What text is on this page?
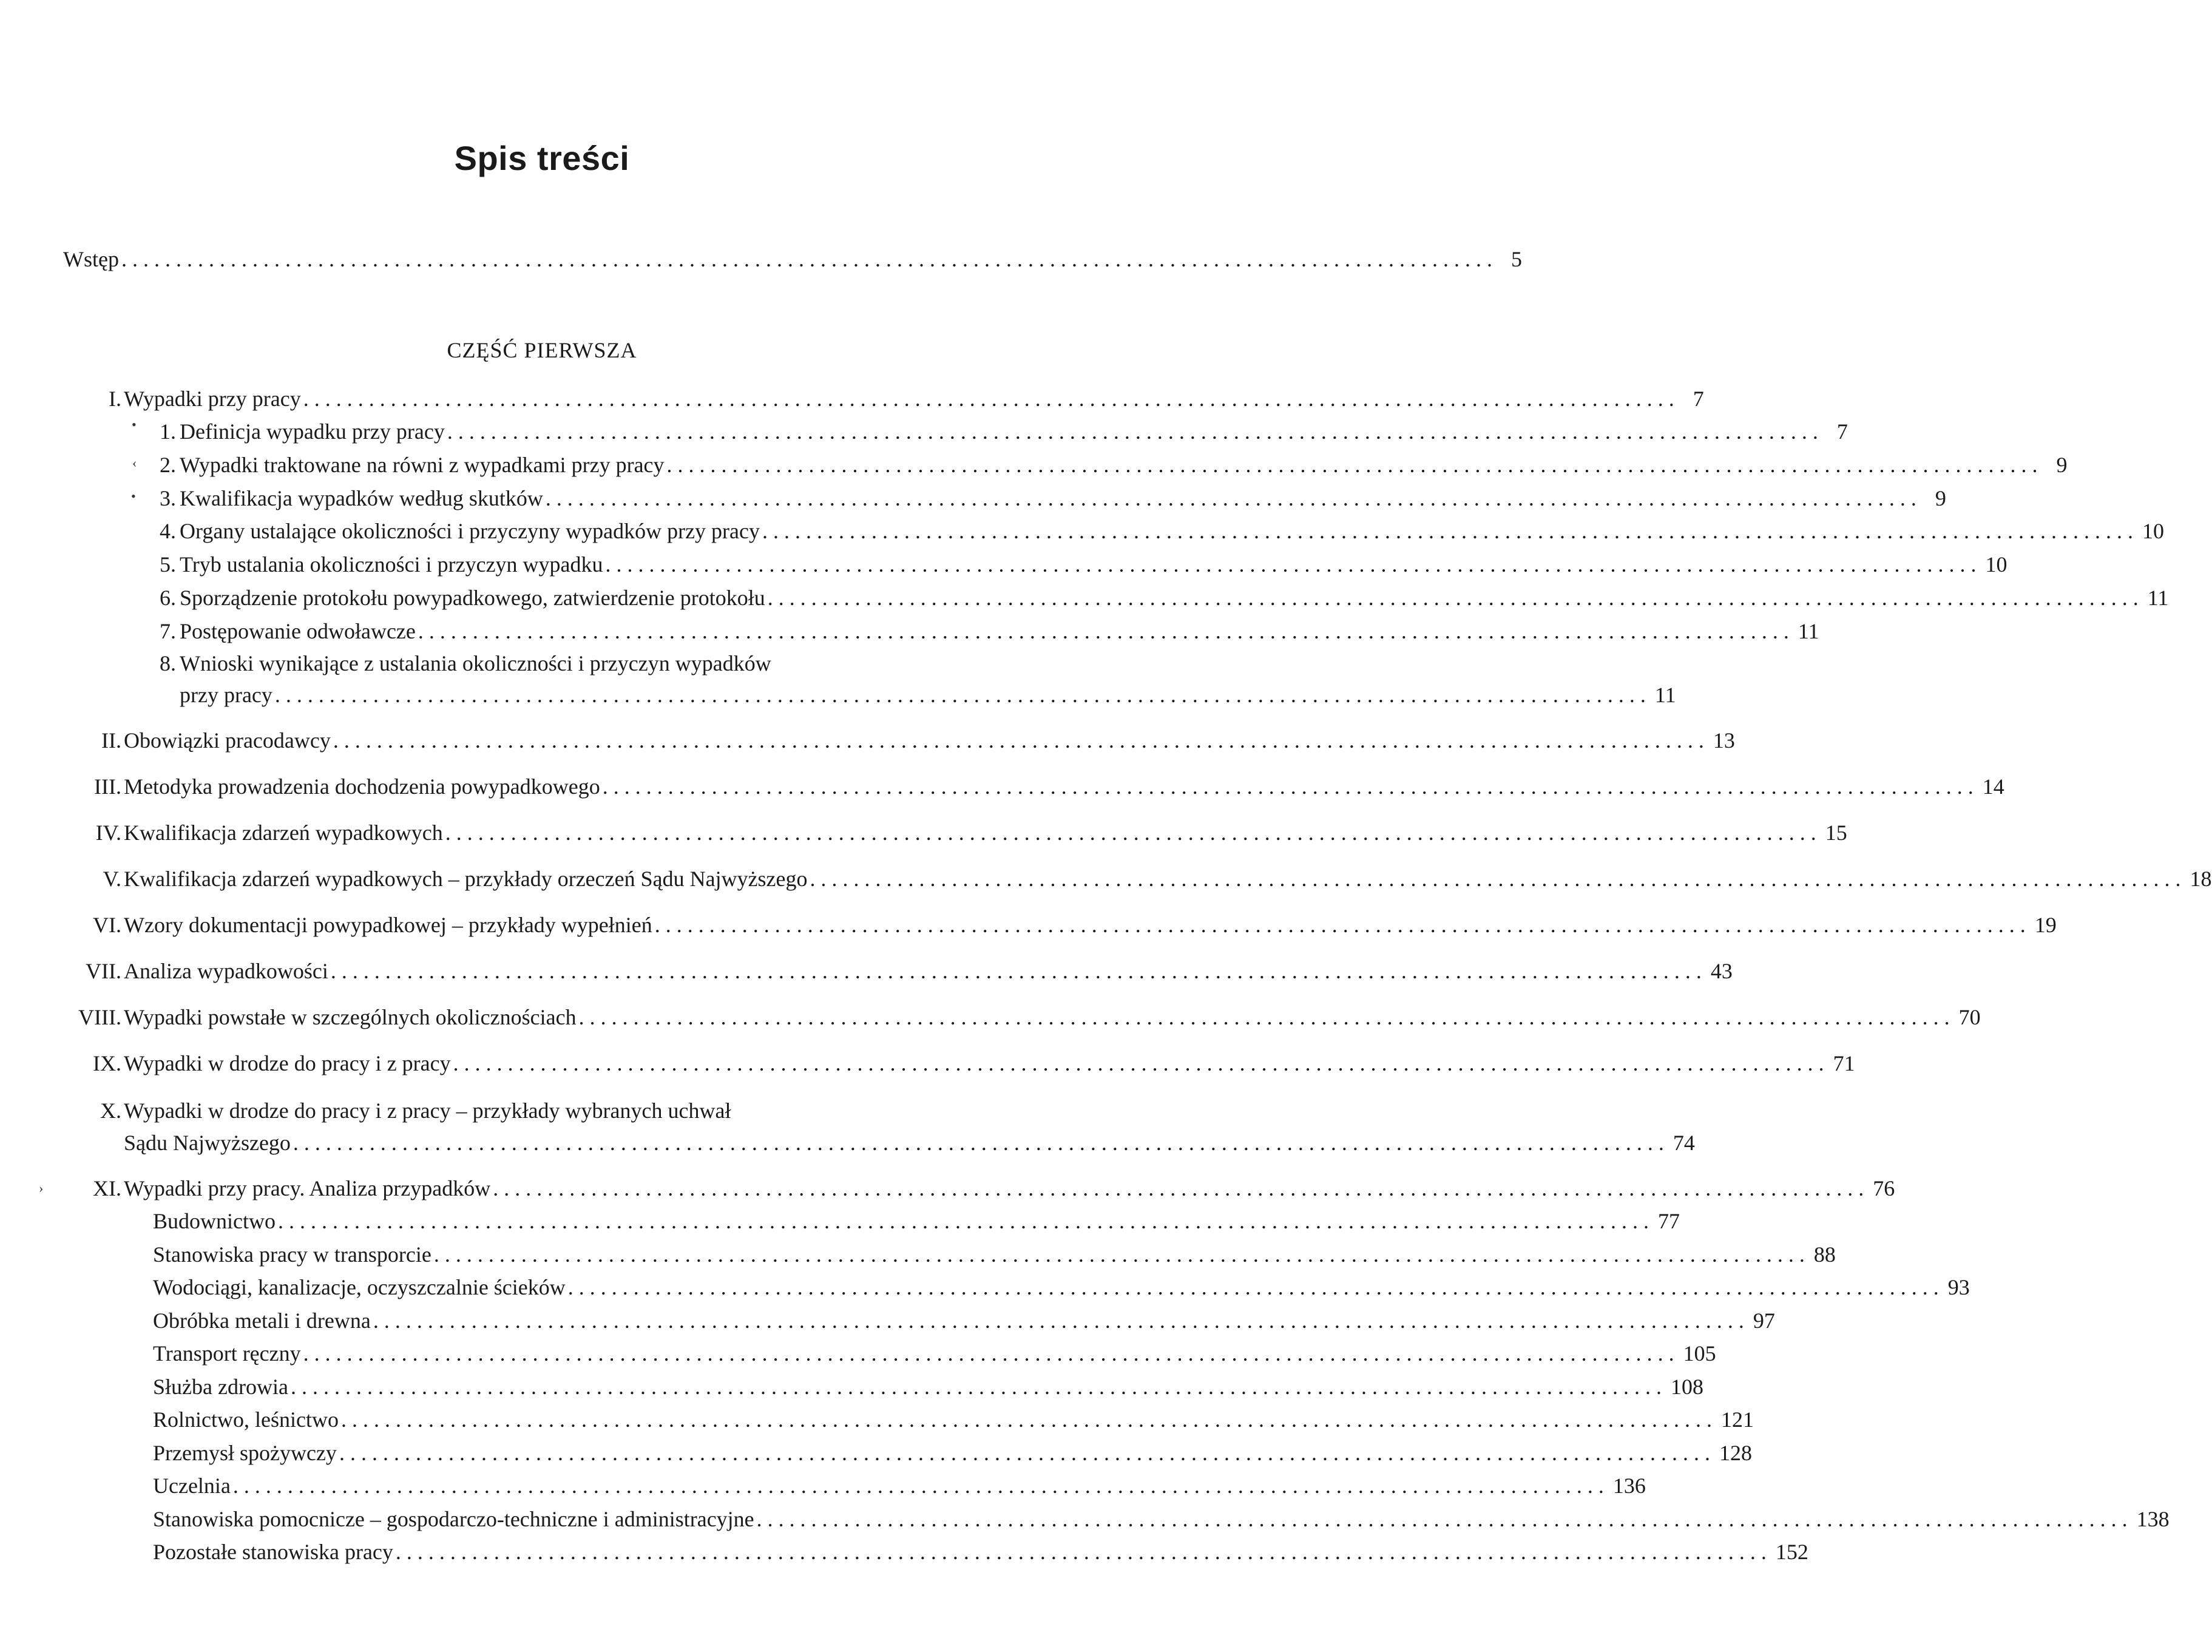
Spis treści
Wstęp .............................................................................................................................. 5
CZĘŚĆ PIERWSZA
I. Wypadki przy pracy .............................................................................................................................. 7
•	1. Definicja wypadku przy pracy .............................................................................................................................. 7
‹	2. Wypadki traktowane na równi z wypadkami przy pracy .............................................................................................................................. 9
•	3. Kwalifikacja wypadków według skutków .............................................................................................................................. 9
4. Organy ustalające okoliczności i przyczyny wypadków przy pracy .............................................................................................................................. 10
5. Tryb ustalania okoliczności i przyczyn wypadku .............................................................................................................................. 10
6. Sporządzenie protokołu powypadkowego, zatwierdzenie protokołu .............................................................................................................................. 11
7. Postępowanie odwoławcze .............................................................................................................................. 11
8. Wnioski wynikające z ustalania okoliczności i przyczyn wypadków
przy pracy .............................................................................................................................. 11
II. Obowiązki pracodawcy .............................................................................................................................. 13
III. Metodyka prowadzenia dochodzenia powypadkowego .............................................................................................................................. 14
IV. Kwalifikacja zdarzeń wypadkowych .............................................................................................................................. 15
V. Kwalifikacja zdarzeń wypadkowych – przykłady orzeczeń Sądu Najwyższego .............................................................................................................................. 18
VI. Wzory dokumentacji powypadkowej – przykłady wypełnień .............................................................................................................................. 19
VII. Analiza wypadkowości .............................................................................................................................. 43
VIII. Wypadki powstałe w szczególnych okolicznościach .............................................................................................................................. 70
IX. Wypadki w drodze do pracy i z pracy .............................................................................................................................. 71
X. Wypadki w drodze do pracy i z pracy – przykłady wybranych uchwał
Sądu Najwyższego .............................................................................................................................. 74
›	XI. Wypadki przy pracy. Analiza przypadków .............................................................................................................................. 76
Budownictwo .............................................................................................................................. 77
Stanowiska pracy w transporcie .............................................................................................................................. 88
Wodociągi, kanalizacje, oczyszczalnie ścieków .............................................................................................................................. 93
Obróbka metali i drewna .............................................................................................................................. 97
Transport ręczny .............................................................................................................................. 105
Służba zdrowia .............................................................................................................................. 108
Rolnictwo, leśnictwo .............................................................................................................................. 121
Przemysł spożywczy .............................................................................................................................. 128
Uczelnia .............................................................................................................................. 136
Stanowiska pomocnicze – gospodarczo-techniczne i administracyjne .............................................................................................................................. 138
Pozostałe stanowiska pracy .............................................................................................................................. 152
